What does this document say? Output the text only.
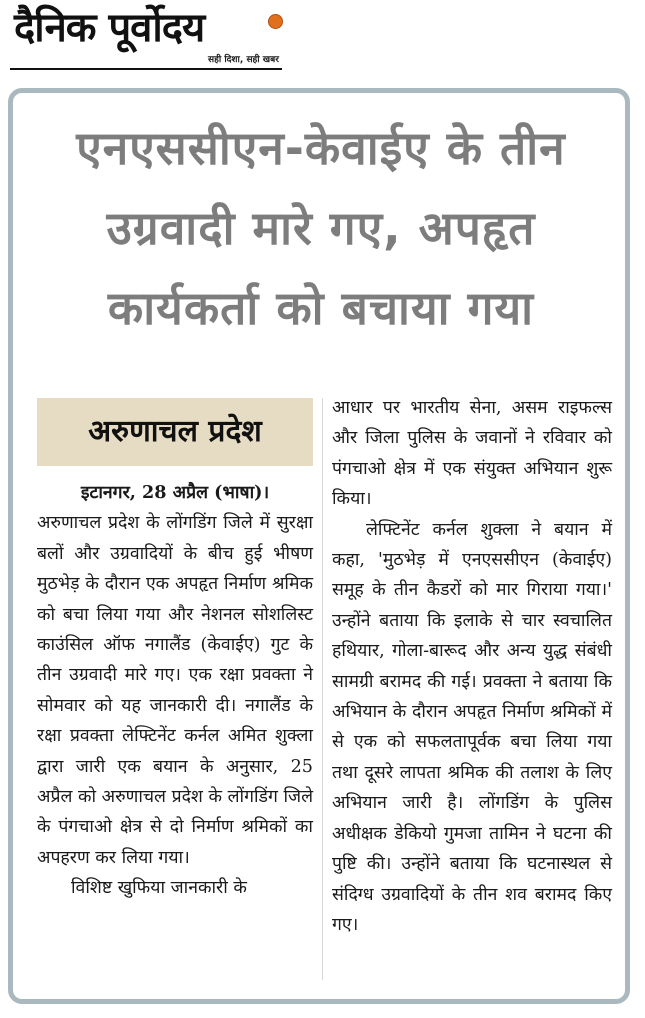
दैनिक पूर्वोदय
सही दिशा, सही खबर
एनएससीएन-केवाईए के तीन
उग्रवादी मारे गए, अपहृत
कार्यकर्ता को बचाया गया
अरुणाचल प्रदेश
इटानगर, 28 अप्रैल (भाषा)।

अरुणाचल प्रदेश के लोंगडिंग जिले में सुरक्षा बलों और उग्रवादियों के बीच हुई भीषण मुठभेड़ के दौरान एक अपहृत निर्माण श्रमिक को बचा लिया गया और नेशनल सोशलिस्ट काउंसिल ऑफ नगालैंड (केवाईए) गुट के तीन उग्रवादी मारे गए। एक रक्षा प्रवक्ता ने सोमवार को यह जानकारी दी। नगालैंड के रक्षा प्रवक्ता लेफ्टिनेंट कर्नल अमित शुक्ला द्वारा जारी एक बयान के अनुसार, 25 अप्रैल को अरुणाचल प्रदेश के लोंगडिंग जिले के पंगचाओ क्षेत्र से दो निर्माण श्रमिकों का अपहरण कर लिया गया।

विशिष्ट खुफिया जानकारी के

आधार पर भारतीय सेना, असम राइफल्स और जिला पुलिस के जवानों ने रविवार को पंगचाओ क्षेत्र में एक संयुक्त अभियान शुरू किया।

लेफ्टिनेंट कर्नल शुक्ला ने बयान में कहा, 'मुठभेड़ में एनएससीएन (केवाईए) समूह के तीन कैडरों को मार गिराया गया।' उन्होंने बताया कि इलाके से चार स्वचालित हथियार, गोला-बारूद और अन्य युद्ध संबंधी सामग्री बरामद की गई। प्रवक्ता ने बताया कि अभियान के दौरान अपहृत निर्माण श्रमिकों में से एक को सफलतापूर्वक बचा लिया गया तथा दूसरे लापता श्रमिक की तलाश के लिए अभियान जारी है। लोंगडिंग के पुलिस अधीक्षक डेकियो गुमजा तामिन ने घटना की पुष्टि की। उन्होंने बताया कि घटनास्थल से संदिग्ध उग्रवादियों के तीन शव बरामद किए गए।
